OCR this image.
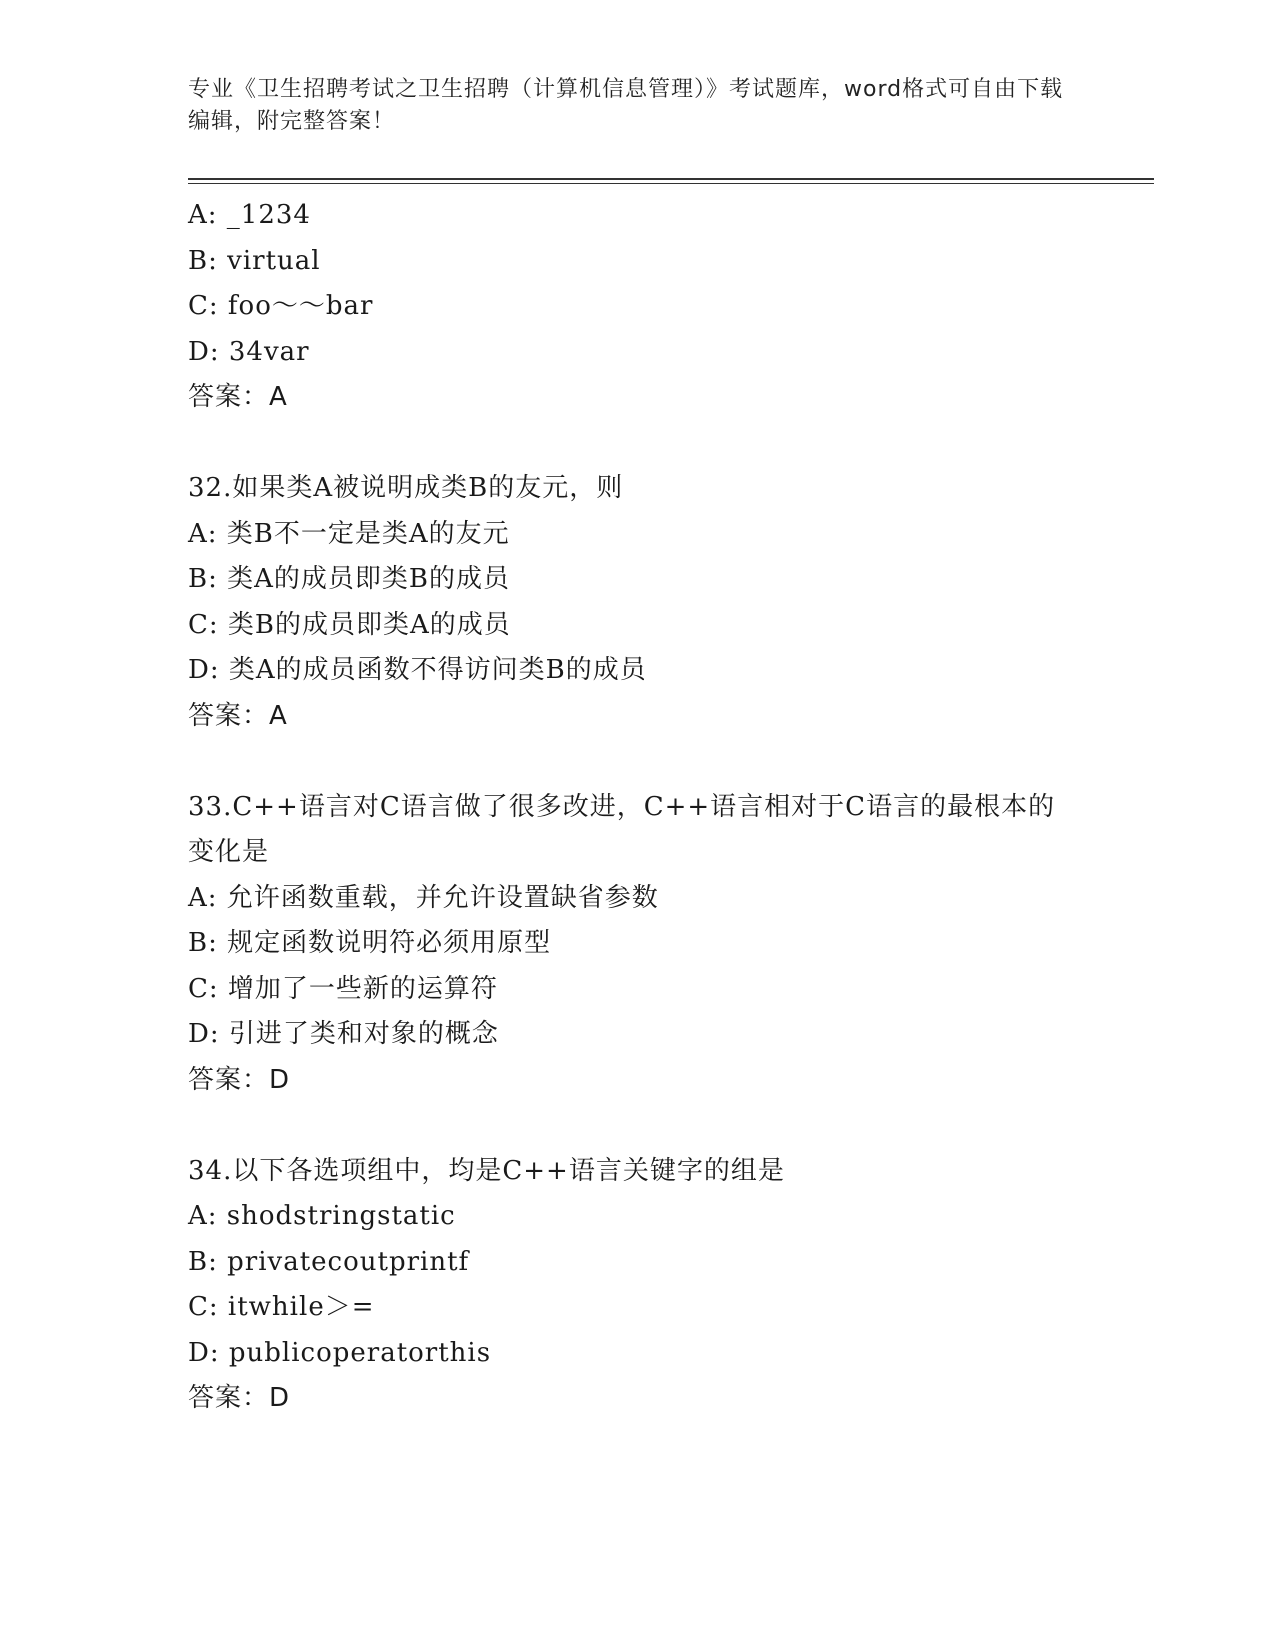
专业《卫生招聘考试之卫生招聘（计算机信息管理）》考试题库，word格式可自由下载编辑，附完整答案！
A: _1234
B: virtual
C: foo～～bar
D: 34var
答案：A
32.如果类A被说明成类B的友元，则
A: 类B不一定是类A的友元
B: 类A的成员即类B的成员
C: 类B的成员即类A的成员
D: 类A的成员函数不得访问类B的成员
答案：A
33.C++语言对C语言做了很多改进，C++语言相对于C语言的最根本的
变化是
A: 允许函数重载，并允许设置缺省参数
B: 规定函数说明符必须用原型
C: 增加了一些新的运算符
D: 引进了类和对象的概念
答案：D
34.以下各选项组中，均是C++语言关键字的组是
A: shodstringstatic
B: privatecoutprintf
C: itwhile＞=
D: publicoperatorthis
答案：D
